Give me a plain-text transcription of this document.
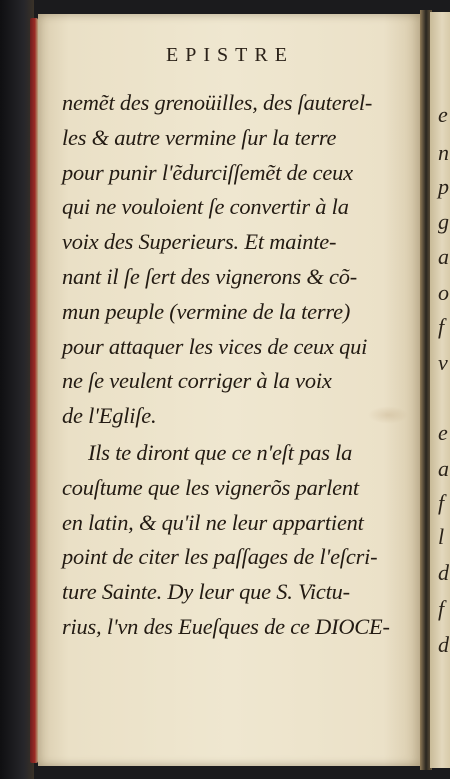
EPISTRE
nemẽt des grenoüilles, des ſauterel-
les & autre vermine ſur la terre
pour punir l'ẽdurciſſemẽt de ceux
qui ne vouloient ſe convertir à la
voix des Superieurs. Et mainte-
nant il ſe ſert des vignerons & cõ-
mun peuple (vermine de la terre)
pour attaquer les vices de ceux qui
ne ſe veulent corriger à la voix
de l'Egliſe.
Ils te diront que ce n'eſt pas la
couſtume que les vignerõs parlent
en latin, & qu'il ne leur appartient
point de citer les paſſages de l'eſcri-
ture Sainte. Dy leur que S. Victu-
rius, l'vn des Eueſques de ce DIOCE-
e
n
p
g
a
o
f
v
e
a
f
l
d
f
d
